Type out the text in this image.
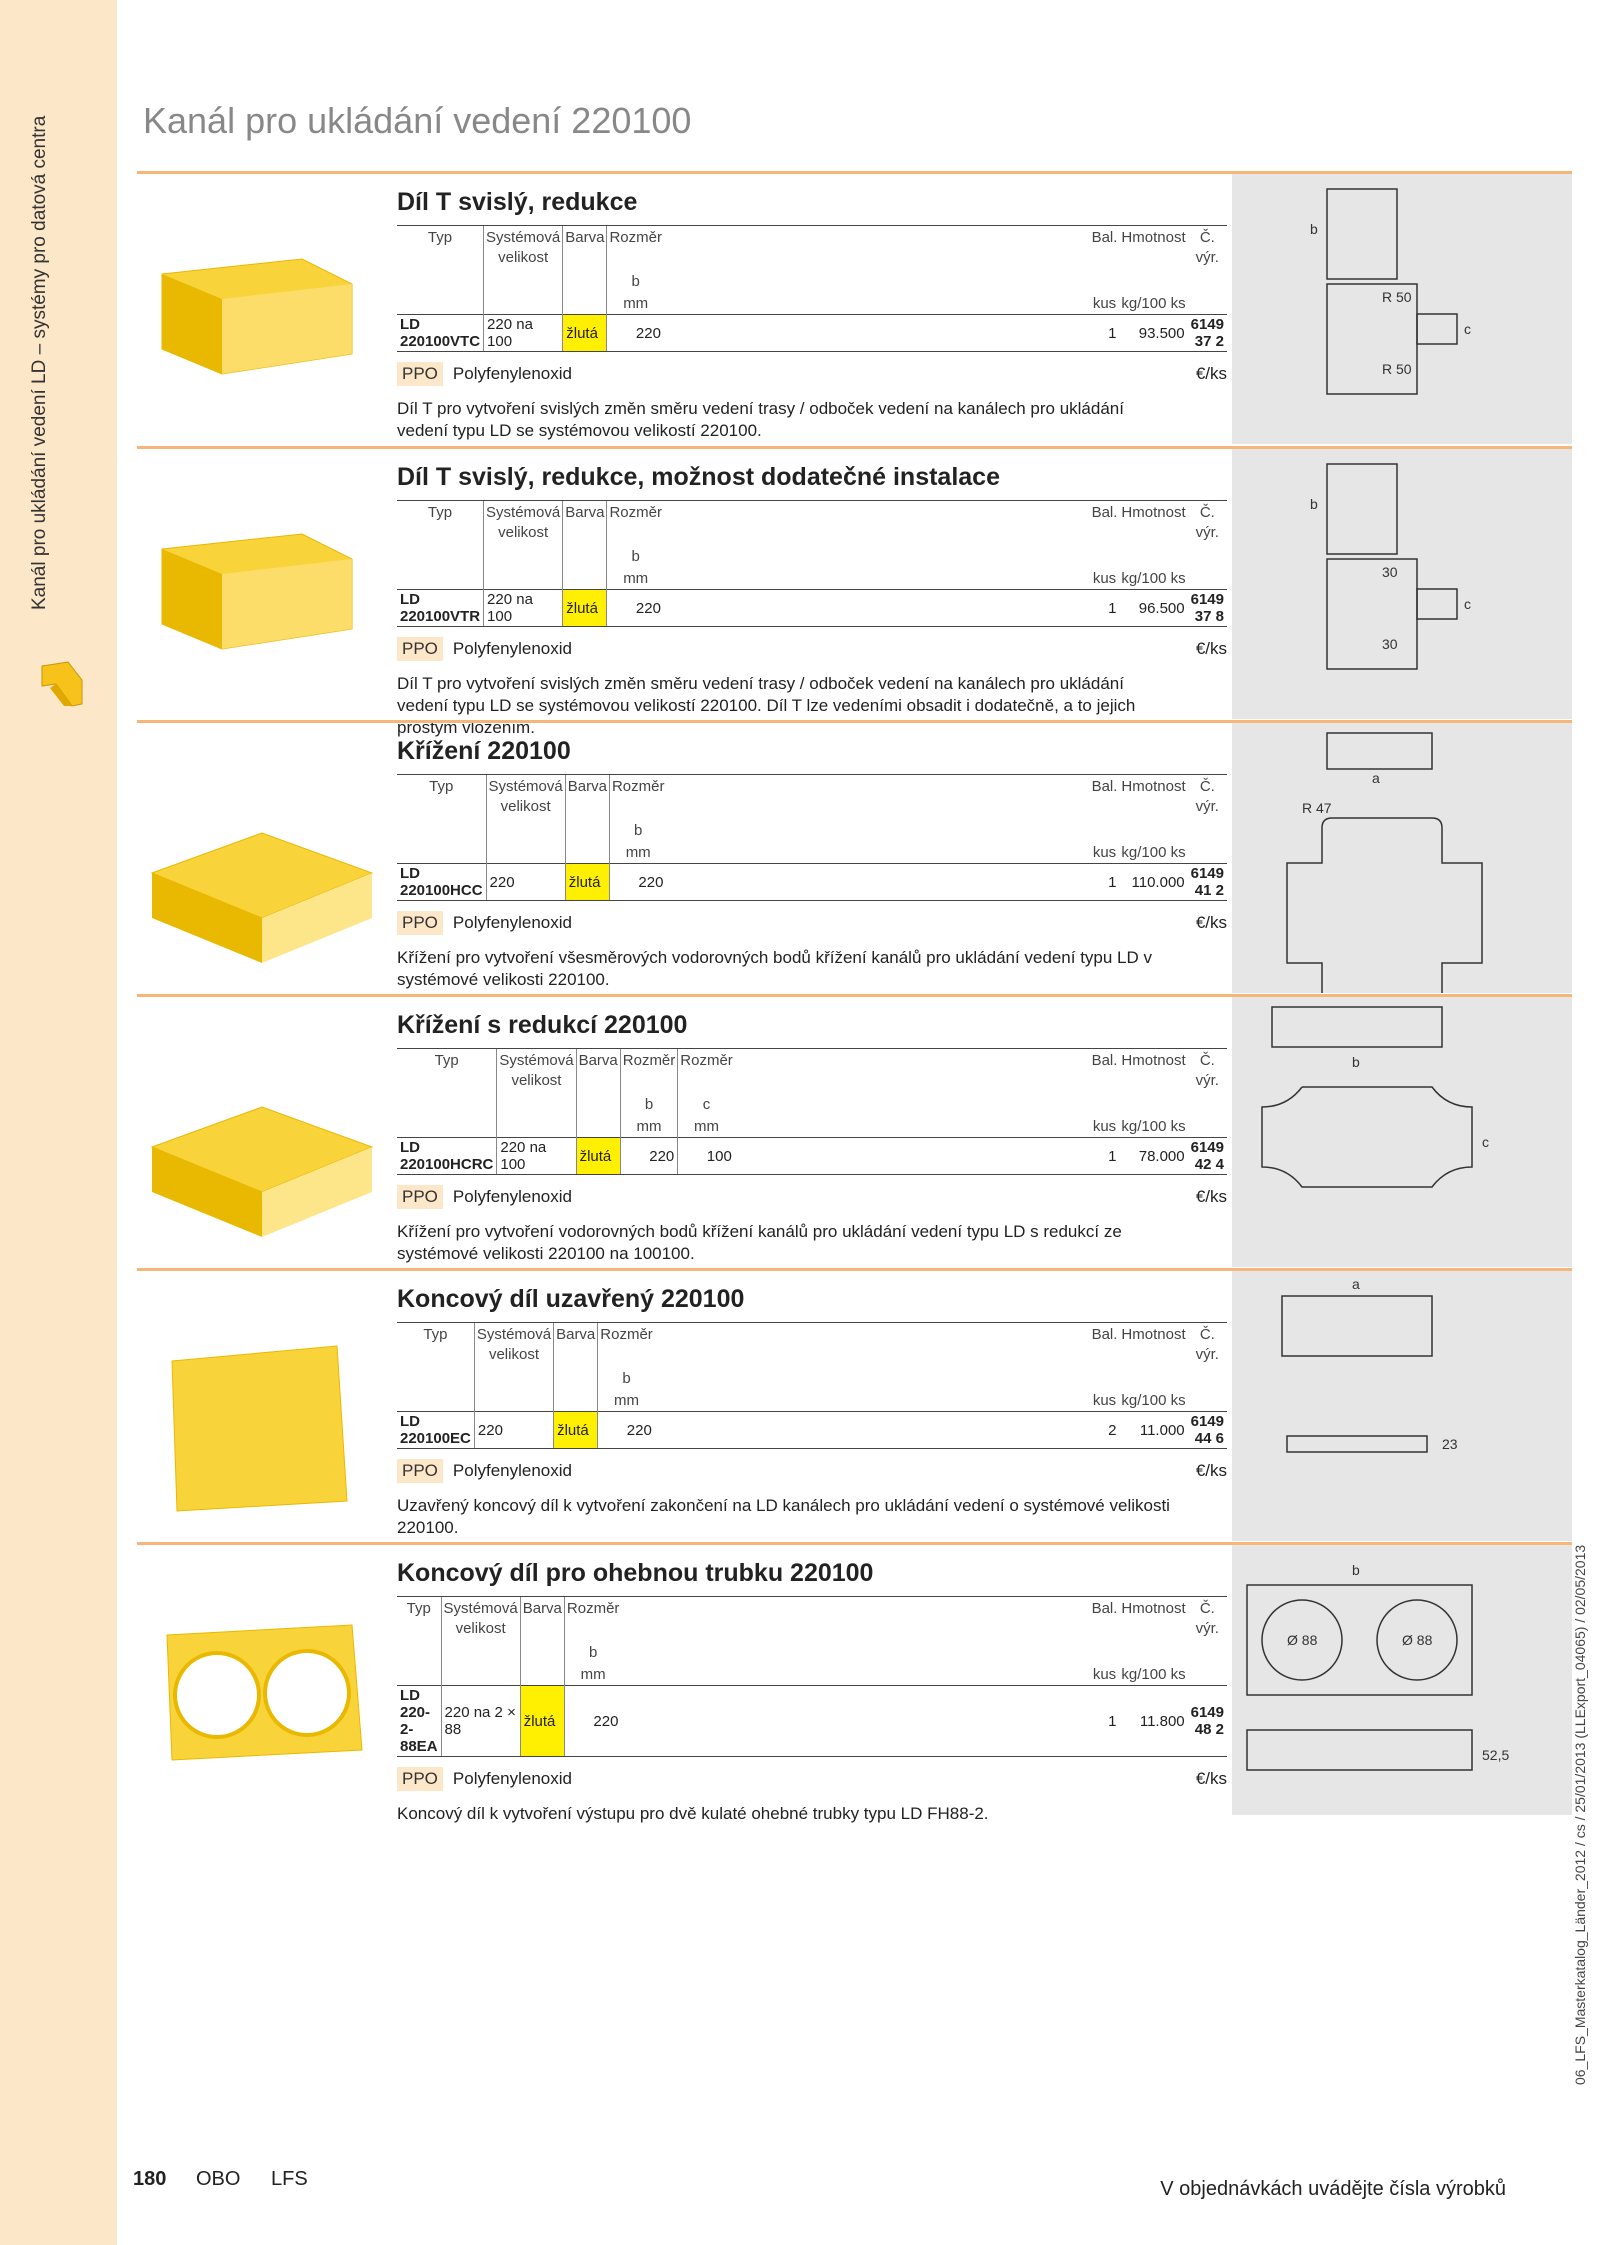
Kanál pro ukládání vedení LD – systémy pro datová centra	Kanál pro ukládání vedení 220100
Díl T svislý, redukce
Typ	Systémová velikost	Barva	Rozměr		Bal.	Hmotnost	Č. výr.
			b				
			mm		kus	kg/100 ks	
LD 220100VTC	220 na 100	žlutá	220		1	93.500	6149 37 2
PPO Polyfenylenoxid	€/ks
Díl T pro vytvoření svislých změn směru vedení trasy / odboček vedení na kanálech pro ukládání vedení typu LD se systémovou velikostí 220100.
b
c
R 50
R 50
Díl T svislý, redukce, možnost dodatečné instalace
Typ	Systémová velikost	Barva	Rozměr		Bal.	Hmotnost	Č. výr.
			b				
			mm		kus	kg/100 ks	
LD 220100VTR	220 na 100	žlutá	220		1	96.500	6149 37 8
PPO Polyfenylenoxid	€/ks
Díl T pro vytvoření svislých změn směru vedení trasy / odboček vedení na kanálech pro ukládání vedení typu LD se systémovou velikostí 220100. Díl T lze vedeními obsadit i dodatečně, a to jejich prostým vložením.
b
c
30
30
Křížení 220100
Typ	Systémová velikost	Barva	Rozměr		Bal.	Hmotnost	Č. výr.
			b				
			mm		kus	kg/100 ks	
LD 220100HCC	220	žlutá	220		1	110.000	6149 41 2
PPO Polyfenylenoxid	€/ks
Křížení pro vytvoření všesměrových vodorovných bodů křížení kanálů pro ukládání vedení typu LD v systémové velikosti 220100.
a
R 47
Křížení s redukcí 220100
Typ	Systémová velikost	Barva	Rozměr	Rozměr		Bal.	Hmotnost	Č. výr.
			b	c				
			mm	mm		kus	kg/100 ks	
LD 220100HCRC	220 na 100	žlutá	220	100		1	78.000	6149 42 4
PPO Polyfenylenoxid	€/ks
Křížení pro vytvoření vodorovných bodů křížení kanálů pro ukládání vedení typu LD s redukcí ze systémové velikosti 220100 na 100100.
b
c
Koncový díl uzavřený 220100
Typ	Systémová velikost	Barva	Rozměr		Bal.	Hmotnost	Č. výr.
			b				
			mm		kus	kg/100 ks	
LD 220100EC	220	žlutá	220		2	11.000	6149 44 6
PPO Polyfenylenoxid	€/ks
Uzavřený koncový díl k vytvoření zakončení na LD kanálech pro ukládání vedení o systémové velikosti 220100.
a
23
Koncový díl pro ohebnou trubku 220100
Typ	Systémová velikost	Barva	Rozměr		Bal.	Hmotnost	Č. výr.
			b				
			mm		kus	kg/100 ks	
LD 220-2-88EA	220 na 2 × 88	žlutá	220		1	11.800	6149 48 2
PPO Polyfenylenoxid	€/ks
Koncový díl k vytvoření výstupu pro dvě kulaté ohebné trubky typu LD FH88-2.
b
Ø 88	Ø 88
52,5
180 OBO LFS	V objednávkách uvádějte čísla výrobků
06_LFS_Masterkatalog_Länder_2012 / cs / 25/01/2013 (LLExport_04065) / 02/05/2013
